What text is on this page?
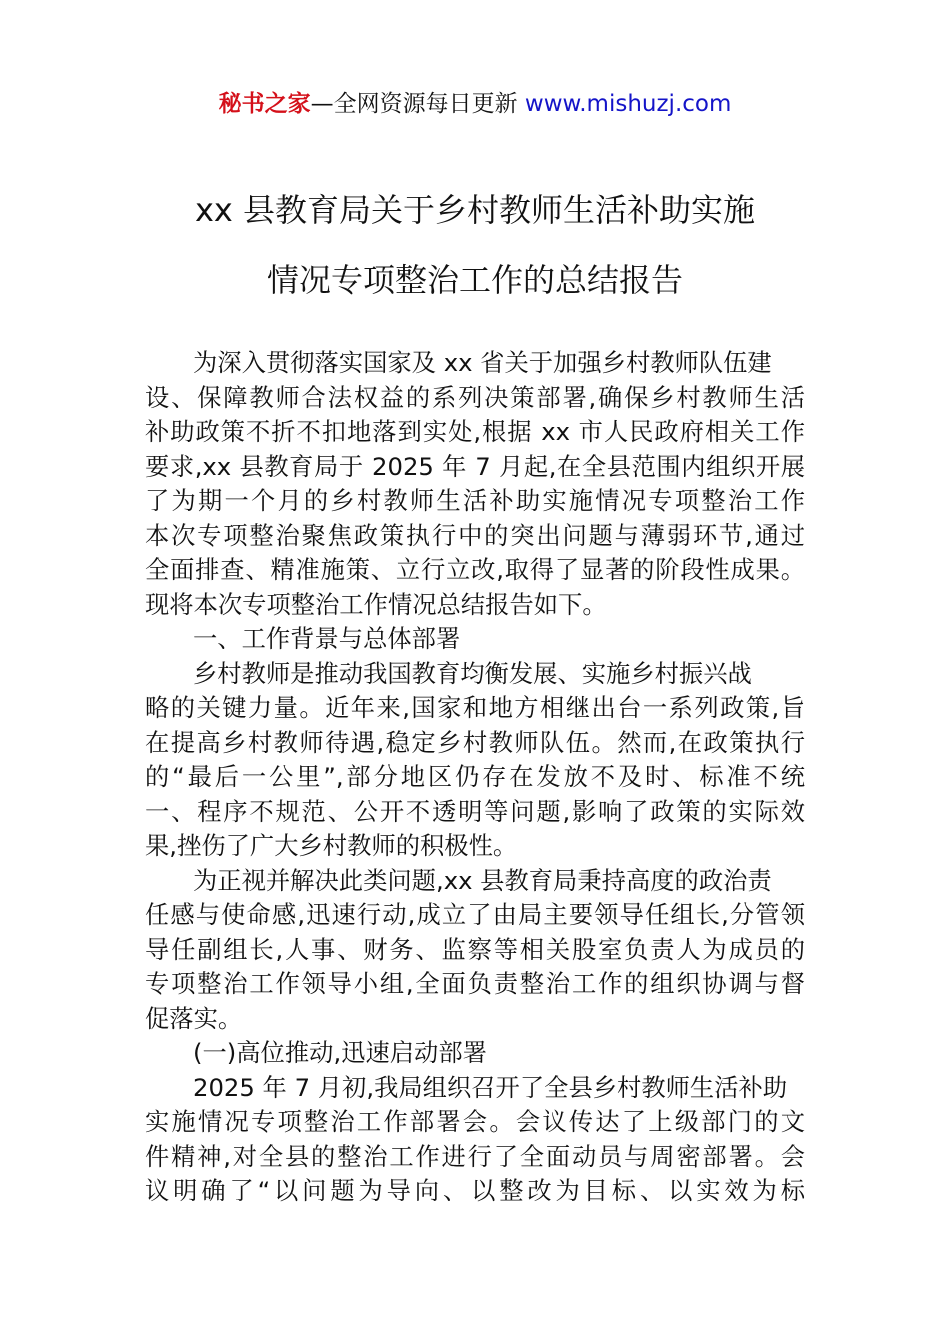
秘书之家—全网资源每日更新 www.mishuzj.com
xx 县教育局关于乡村教师生活补助实施
情况专项整治工作的总结报告
为深入贯彻落实国家及 xx 省关于加强乡村教师队伍建
设、保障教师合法权益的系列决策部署,确保乡村教师生活
补助政策不折不扣地落到实处,根据 xx 市人民政府相关工作
要求,xx 县教育局于 2025 年 7 月起,在全县范围内组织开展
了为期一个月的乡村教师生活补助实施情况专项整治工作
本次专项整治聚焦政策执行中的突出问题与薄弱环节,通过
全面排查、精准施策、立行立改,取得了显著的阶段性成果。
现将本次专项整治工作情况总结报告如下。
一、工作背景与总体部署
乡村教师是推动我国教育均衡发展、实施乡村振兴战
略的关键力量。近年来,国家和地方相继出台一系列政策,旨
在提高乡村教师待遇,稳定乡村教师队伍。然而,在政策执行
的“最后一公里”,部分地区仍存在发放不及时、标准不统
一、程序不规范、公开不透明等问题,影响了政策的实际效
果,挫伤了广大乡村教师的积极性。
为正视并解决此类问题,xx 县教育局秉持高度的政治责
任感与使命感,迅速行动,成立了由局主要领导任组长,分管领
导任副组长,人事、财务、监察等相关股室负责人为成员的
专项整治工作领导小组,全面负责整治工作的组织协调与督
促落实。
(一)高位推动,迅速启动部署
2025 年 7 月初,我局组织召开了全县乡村教师生活补助
实施情况专项整治工作部署会。会议传达了上级部门的文
件精神,对全县的整治工作进行了全面动员与周密部署。会
议明确了“以问题为导向、以整改为目标、以实效为标
